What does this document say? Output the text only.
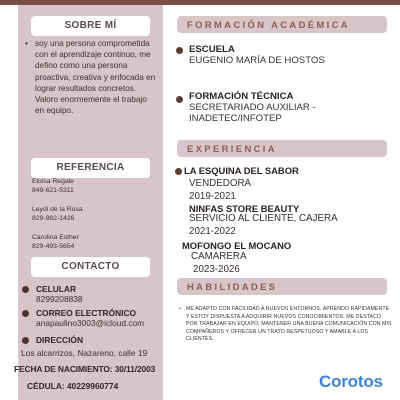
SOBRE MÍ
• soy una persona comprometida con el aprendizaje continuo, me defino como una persona proactiva, creativa y enfocada en lograr resultados concretos. Valoro enormemente el trabajo en equipo.
REFERENCIA
Eloisa Regale
849-621-5311
Leydi de la Rosa
829-982-1426
Carolina Esther
829-493-5654
CONTACTO
CELULAR
8299208838
CORREO ELECTRÓNICO
anapaulino3003@icloud.com
DIRECCIÓN
Los alcarrizos, Nazareno, calle 19
FECHA DE NACIMIENTO: 30/11/2003
CÉDULA: 40229960774
FORMACIÓN ACADÉMICA
ESCUELA
EUGENIO MARÍA DE HOSTOS
FORMACIÓN TÉCNICA
SECRETARIADO AUXILIAR -
INADETEC/INFOTEP
EXPERIENCIA
LA ESQUINA DEL SABOR
VENDEDORA
2019-2021
NINFAS STORE BEAUTY
SERVICIO AL CLIENTE, CAJERA
2021-2022
MOFONGO EL MOCANO
CAMARERA
2023-2026
HABILIDADES
• ME ADAPTO CON FACILIDAD A NUEVOS ENTORNOS, APRENDO RÁPIDAMENTE Y ESTOY DISPUESTA A ADQUIRIR NUEVOS CONOCIMIENTOS. ME DESTACO POR TRABAJAR EN EQUIPO, MANTENER UNA BUENA COMUNICACIÓN CON MIS COMPAÑEROS Y OFRECER UN TRATO RESPETUOSO Y AMABLE A LOS CLIENTES.
Corotos
